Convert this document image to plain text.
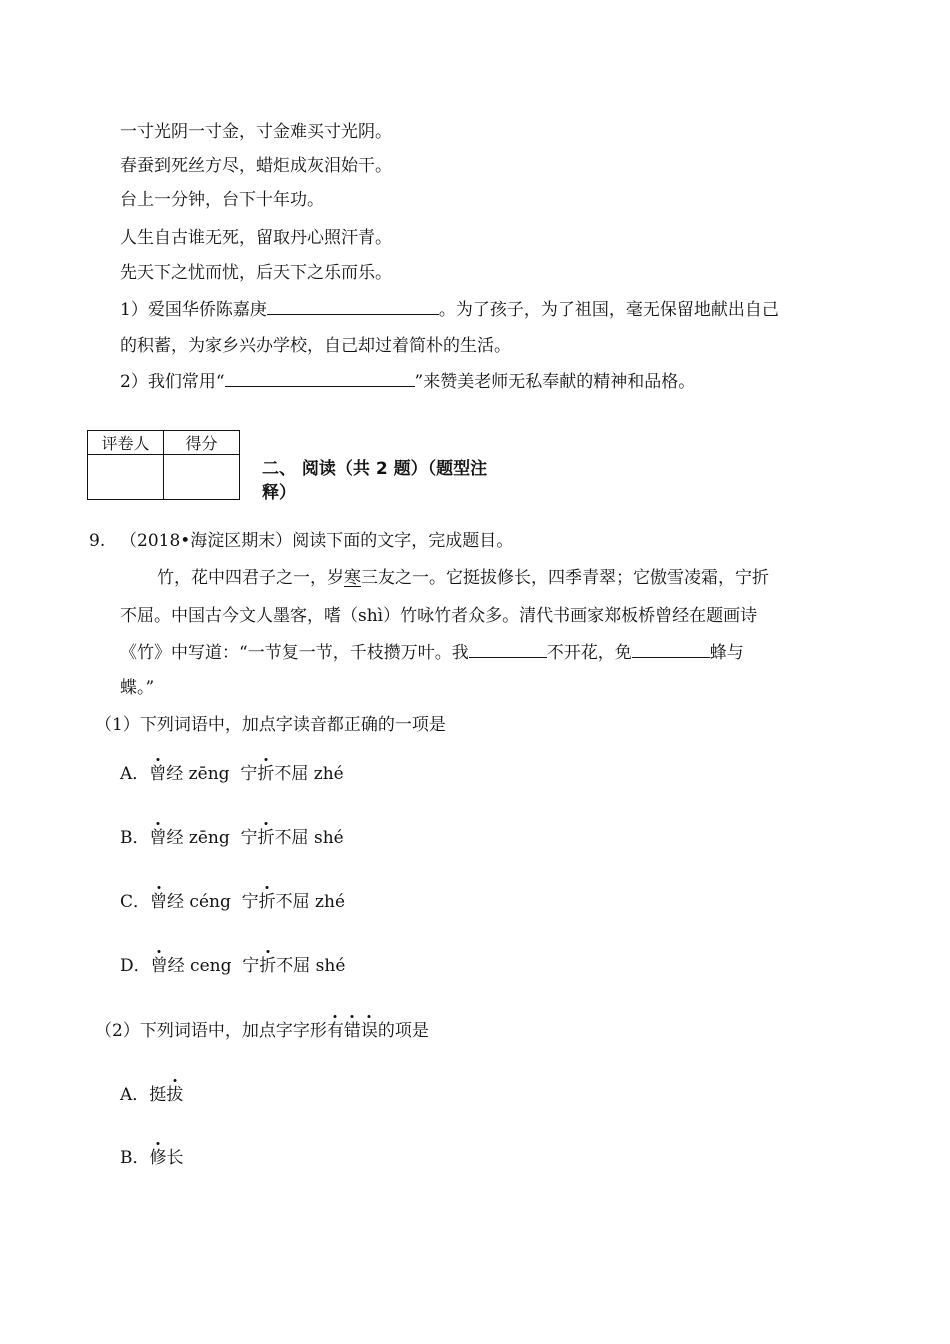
一寸光阴一寸金，寸金难买寸光阴。
春蚕到死丝方尽，蜡炬成灰泪始干。
台上一分钟，台下十年功。
人生自古谁无死，留取丹心照汗青。
先天下之忧而忧，后天下之乐而乐。
1）爱国华侨陈嘉庚	。为了孩子，为了祖国，毫无保留地献出自己
的积蓄，为家乡兴办学校，自己却过着简朴的生活。
2）我们常用“	”来赞美老师无私奉献的精神和品格。
评卷人	得分

二、 阅读（共 2 题）（题型注
释）
9. （2018•海淀区期末）阅读下面的文字，完成题目。
竹，花中四君子之一，岁寒三友之一。它挺拔修长，四季青翠；它傲雪凌霜，宁折
不屈。中国古今文人墨客，嗜（shì）竹咏竹者众多。清代书画家郑板桥曾经在题画诗
《竹》中写道：“一节复一节，千枝攒万叶。我	不开花，免	蜂与
蝶。”
（1）下列词语中，加点字读音都正确的一项是
A．曾经 zēng  宁折不屈 zhé
B．曾经 zēng  宁折不屈 shé
C．曾经 céng  宁折不屈 zhé
D．曾经 ceng  宁折不屈 shé
（2）下列词语中，加点字字形有错误的项是
A．挺拔
B．修长
